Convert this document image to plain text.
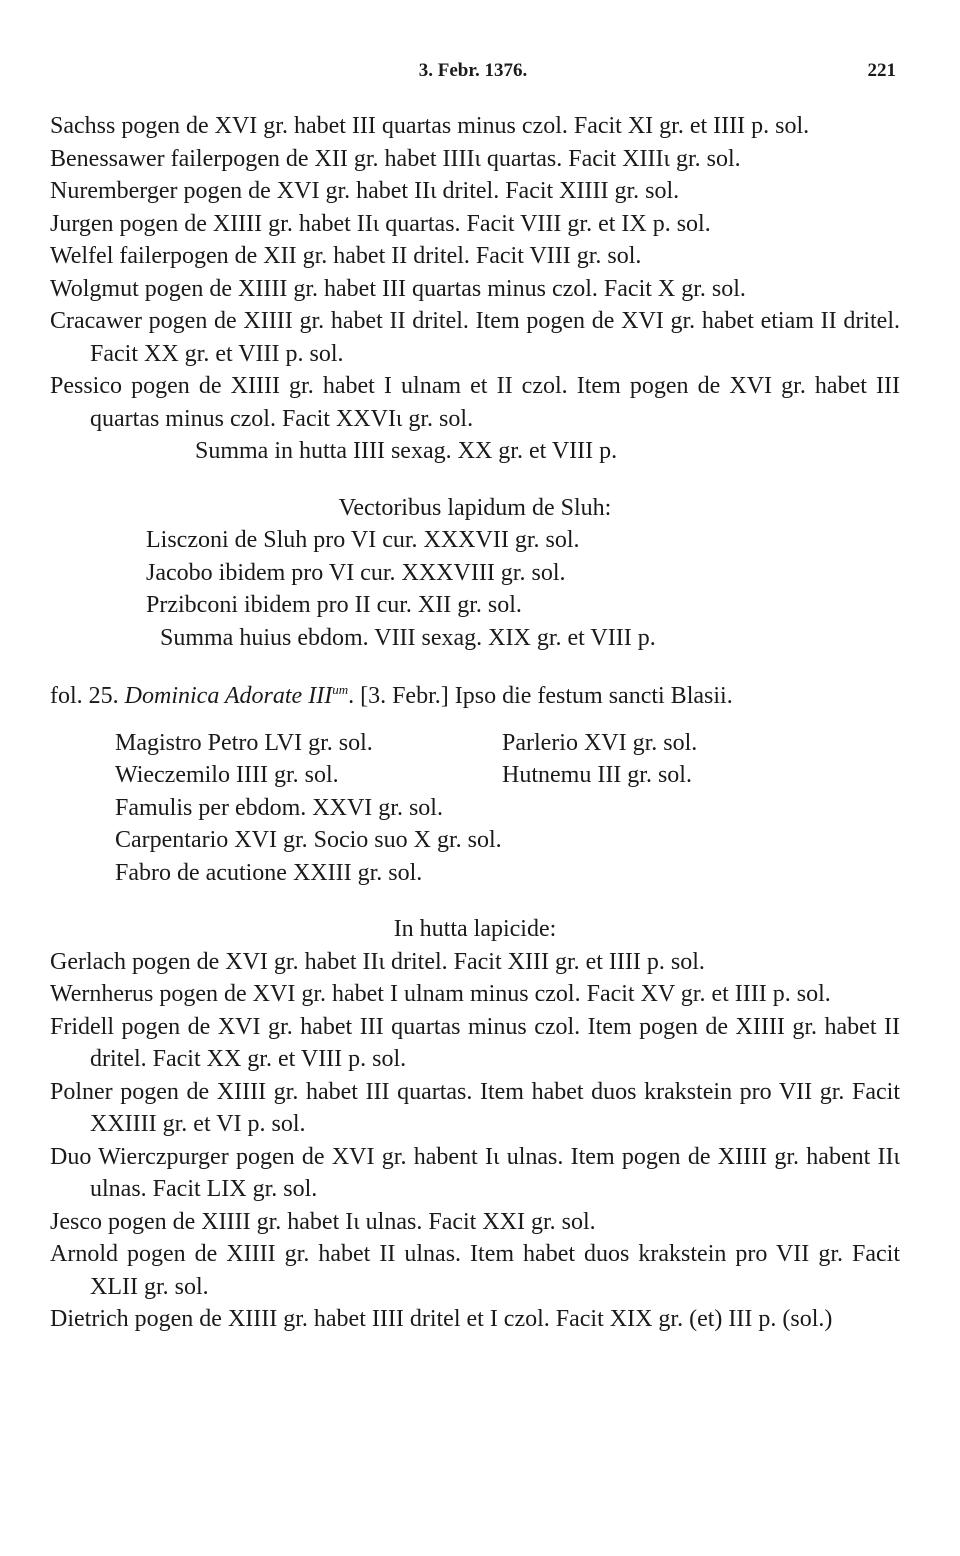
3. Febr. 1376.	221

Sachss pogen de XVI gr. habet III quartas minus czol. Facit XI gr. et IIII p. sol.

Benessawer failerpogen de XII gr. habet IIIIɩ quartas. Facit XIIIɩ gr. sol.

Nuremberger pogen de XVI gr. habet IIɩ dritel. Facit XIIII gr. sol.

Jurgen pogen de XIIII gr. habet IIɩ quartas. Facit VIII gr. et IX p. sol.

Welfel failerpogen de XII gr. habet II dritel. Facit VIII gr. sol.

Wolgmut pogen de XIIII gr. habet III quartas minus czol. Facit X gr. sol.

Cracawer pogen de XIIII gr. habet II dritel. Item pogen de XVI gr. habet etiam II dritel. Facit XX gr. et VIII p. sol.

Pessico pogen de XIIII gr. habet I ulnam et II czol. Item pogen de XVI gr. habet III quartas minus czol. Facit XXVIɩ gr. sol.

Summa in hutta IIII sexag. XX gr. et VIII p.

Vectoribus lapidum de Sluh:

Lisczoni de Sluh pro VI cur. XXXVII gr. sol.

Jacobo ibidem pro VI cur. XXXVIII gr. sol.

Przibconi ibidem pro II cur. XII gr. sol.

Summa huius ebdom. VIII sexag. XIX gr. et VIII p.

fol. 25. Dominica Adorate $III^{um}$. [3. Febr.] Ipso die festum sancti Blasii.

Magistro Petro LVI gr. sol.	Parlerio XVI gr. sol.
Wieczemilo IIII gr. sol.	Hutnemu III gr. sol.

Famulis per ebdom. XXVI gr. sol.

Carpentario XVI gr. Socio suo X gr. sol.

Fabro de acutione XXIII gr. sol.

In hutta lapicide:

Gerlach pogen de XVI gr. habet IIɩ dritel. Facit XIII gr. et IIII p. sol.

Wernherus pogen de XVI gr. habet I ulnam minus czol. Facit XV gr. et IIII p. sol.

Fridell pogen de XVI gr. habet III quartas minus czol. Item pogen de XIIII gr. habet II dritel. Facit XX gr. et VIII p. sol.

Polner pogen de XIIII gr. habet III quartas. Item habet duos krakstein pro VII gr. Facit XXIIII gr. et VI p. sol.

Duo Wierczpurger pogen de XVI gr. habent Iɩ ulnas. Item pogen de XIIII gr. habent IIɩ ulnas. Facit LIX gr. sol.

Jesco pogen de XIIII gr. habet Iɩ ulnas. Facit XXI gr. sol.

Arnold pogen de XIIII gr. habet II ulnas. Item habet duos krakstein pro VII gr. Facit XLII gr. sol.

Dietrich pogen de XIIII gr. habet IIII dritel et I czol. Facit XIX gr. (et) III p. (sol.)
